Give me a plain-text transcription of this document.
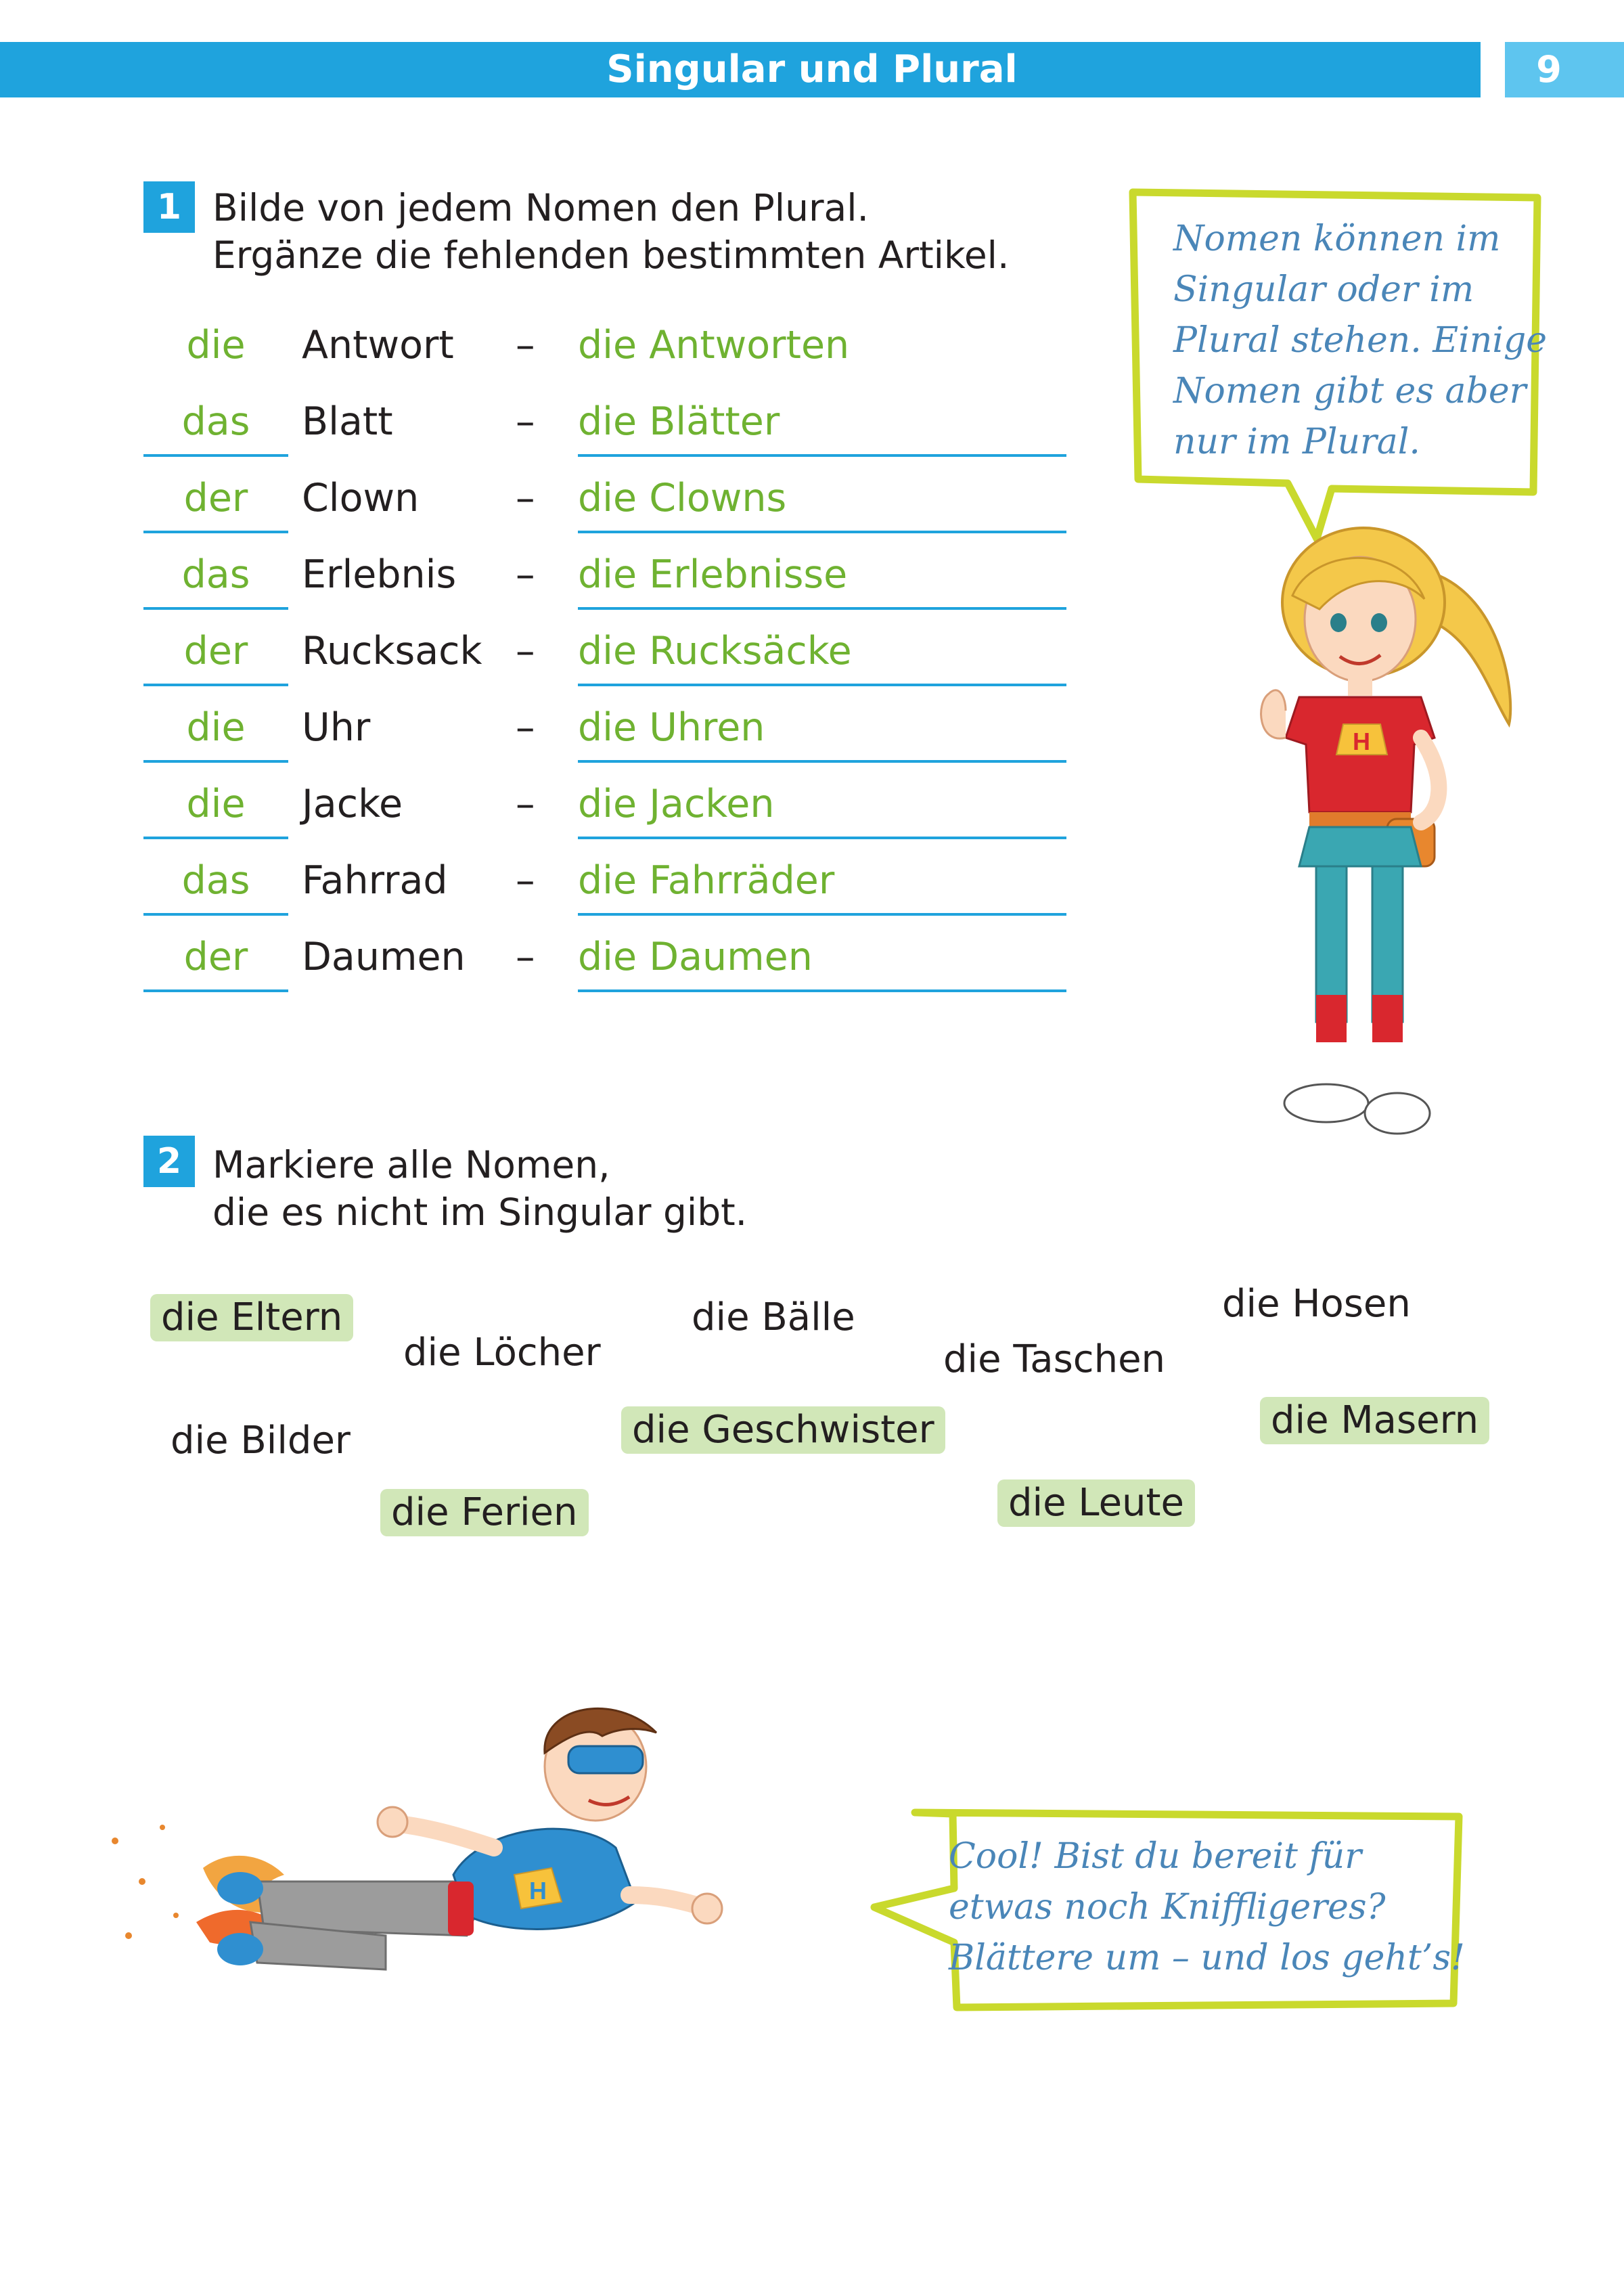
Singular und Plural	9
1 Bilde von jedem Nomen den Plural.
Ergänze die fehlenden bestimmten Artikel.
die	Antwort – die Antworten
das	Blatt	– die Blätter
der	Clown	– die Clowns
das	Erlebnis – die Erlebnisse
der	Rucksack – die Rucksäcke
die	Uhr	– die Uhren
die	Jacke	– die Jacken
das	Fahrrad – die Fahrräder
der	Daumen – die Daumen
Nomen können im
Singular oder im
Plural stehen. Einige
Nomen gibt es aber
nur im Plural.
H
2 Markiere alle Nomen,
die es nicht im Singular gibt.
die Eltern
die Löcher
die Bälle
die Taschen
die Hosen
die Bilder	die Geschwister	die Masern
die Ferien	die Leute
H
Cool! Bist du bereit für
etwas noch Kniffligeres?
Blättere um – und los geht’s!
